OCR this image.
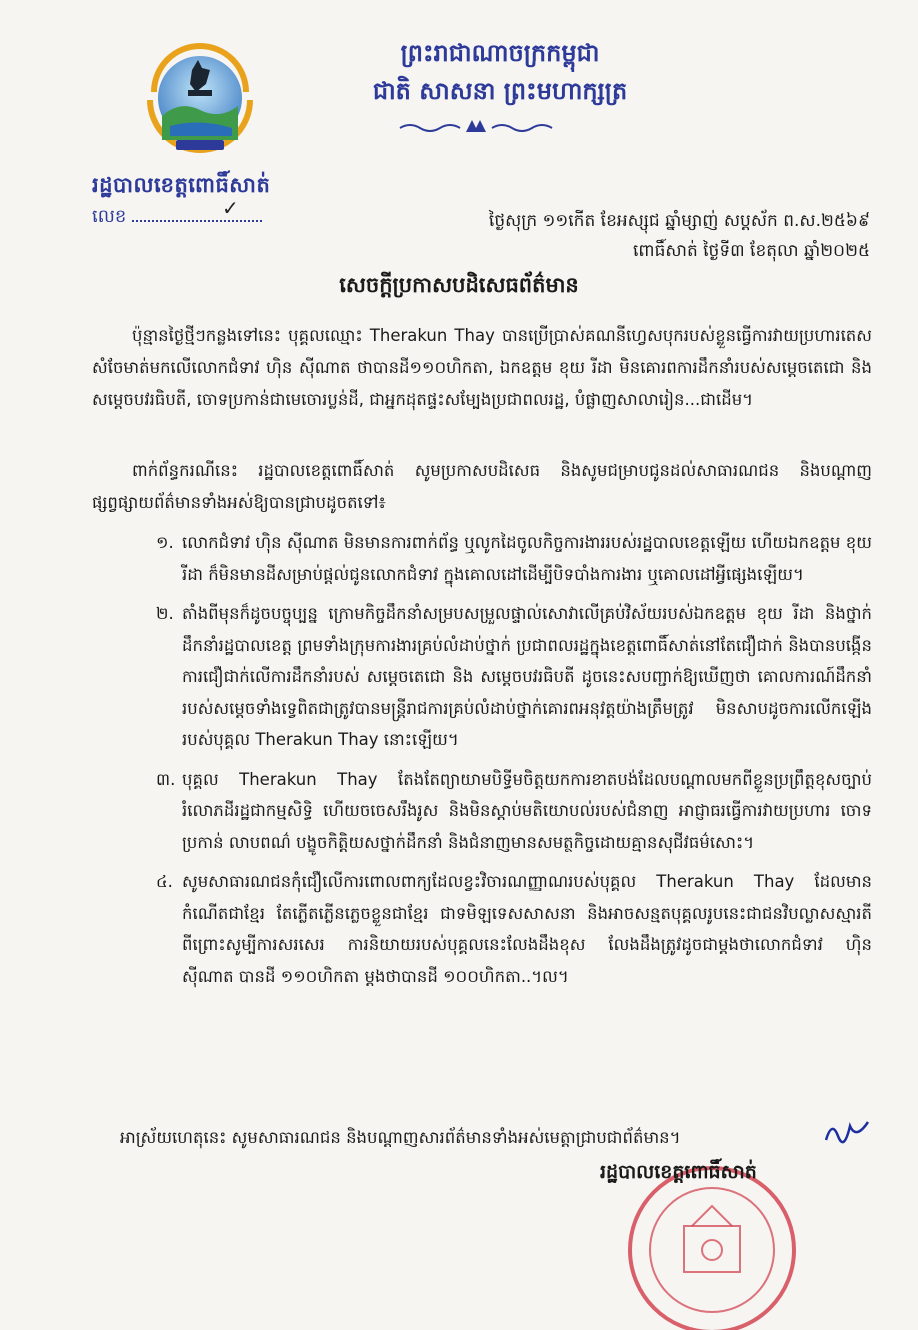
រដ្ឋបាលខេត្តពោធិ៍សាត់
លេខ	✓
ព្រះរាជាណាចក្រកម្ពុជា
ជាតិ សាសនា ព្រះមហាក្សត្រ
ថ្ងៃសុក្រ ១១កើត ខែអស្សុជ ឆ្នាំម្សាញ់ សប្តស័ក ព.ស.២៥៦៩
ពោធិ៍សាត់ ថ្ងៃទី៣ ខែតុលា ឆ្នាំ២០២៥
សេចក្តីប្រកាសបដិសេធព័ត៌មាន
ប៉ុន្មានថ្ងៃថ្មីៗកន្លងទៅនេះ បុគ្គលឈ្មោះ Therakun Thay បានប្រើប្រាស់គណនីហ្វេសបុករបស់ខ្លួនធ្វើការវាយប្រហារតេសសំចែមាត់មកលើលោកជំទាវ ហ៊ិន ស៊ីណាត ថាបានដី១១០ហិកតា, ឯកឧត្តម ខុយ រីដា មិនគោរពការដឹកនាំរបស់សម្តេចតេជោ និងសម្តេចបវរធិបតី, ចោទប្រកាន់ជាមេចោរប្លន់ដី, ជាអ្នកដុតផ្ទះសម្បែងប្រជាពលរដ្ឋ, បំផ្លាញសាលារៀន...ជាដើម។
ពាក់ព័ន្ធករណីនេះ រដ្ឋបាលខេត្តពោធិ៍សាត់ សូមប្រកាសបដិសេធ និងសូមជម្រាបជូនដល់សាធារណជន និងបណ្តាញផ្សព្វផ្សាយព័ត៌មានទាំងអស់ឱ្យបានជ្រាបដូចតទៅ៖
១. លោកជំទាវ ហ៊ិន ស៊ីណាត មិនមានការពាក់ព័ន្ធ ឬលូកដៃចូលកិច្ចការងាររបស់រដ្ឋបាលខេត្តឡើយ ហើយឯកឧត្តម ខុយ រីដា ក៏មិនមានដីសម្រាប់ផ្តល់ជូនលោកជំទាវ ក្នុងគោលដៅដើម្បីបិទបាំងការងារ ឬគោលដៅអ្វីផ្សេងឡើយ។
២. តាំងពីមុនក៏ដូចបច្ចុប្បន្ន ក្រោមកិច្ចដឹកនាំសម្របសម្រួលផ្ទាល់សោវាលើគ្រប់វិស័យរបស់ឯកឧត្តម ខុយ រីដា និងថ្នាក់ដឹកនាំរដ្ឋបាលខេត្ត ព្រមទាំងក្រុមការងារគ្រប់លំដាប់ថ្នាក់ ប្រជាពលរដ្ឋក្នុងខេត្តពោធិ៍សាត់នៅតែជឿជាក់ និងបានបង្កើនការជឿជាក់លើការដឹកនាំរបស់ សម្តេចតេជោ និង សម្តេចបវរធិបតី ដូចនេះសបញ្ជាក់ឱ្យឃើញថា គោលការណ៍ដឹកនាំរបស់សម្តេចទាំងទ្វេពិតជាត្រូវបានមន្ត្រីរាជការគ្រប់លំដាប់ថ្នាក់គោរពអនុវត្តយ៉ាងត្រឹមត្រូវ មិនសាបដូចការលើកឡើងរបស់បុគ្គល Therakun Thay នោះឡើយ។
៣. បុគ្គល Therakun Thay តែងតែព្យាយាមបិទ្ធីមចិត្តយកការខាតបង់ដែលបណ្តាលមកពីខ្លួនប្រព្រឹត្តខុសច្បាប់រំលោភដីរដ្ឋជាកម្មសិទ្ធិ ហើយចចេសរឹងរូស និងមិនស្តាប់មតិយោបល់របស់ជំនាញ អាជ្ញាធរធ្វើការវាយប្រហារ ចោទប្រកាន់ លាបពណ៌ បង្ខូចកិត្តិយសថ្នាក់ដឹកនាំ និងជំនាញមានសមត្ថកិច្ចដោយគ្មានសុជីវធម៌សោះ។
៤. សូមសាធារណជនកុំជឿលើការពោលពាក្យដែលខ្វះវិចារណញ្ញាណរបស់បុគ្គល Therakun Thay ដែលមានកំណើតជាខ្មែរ តែភ្លើតភ្លើនភ្លេចខ្លួនជាខ្មែរ ជាទមិឡទេសសាសនា និងអាចសន្មតបុគ្គលរូបនេះជាជនវិបល្លាសស្មារតី ពីព្រោះសូម្បីការសរសេរ ការនិយាយរបស់បុគ្គលនេះលែងដឹងខុស លែងដឹងត្រូវដូចជាម្តងថាលោកជំទាវ ហ៊ិន ស៊ីណាត បានដី ១១០ហិកតា ម្តងថាបានដី ១០០ហិកតា..។ល។
អាស្រ័យហេតុនេះ សូមសាធារណជន និងបណ្តាញសារព័ត៌មានទាំងអស់មេត្តាជ្រាបជាព័ត៌មាន។
រដ្ឋបាលខេត្តពោធិ៍សាត់
